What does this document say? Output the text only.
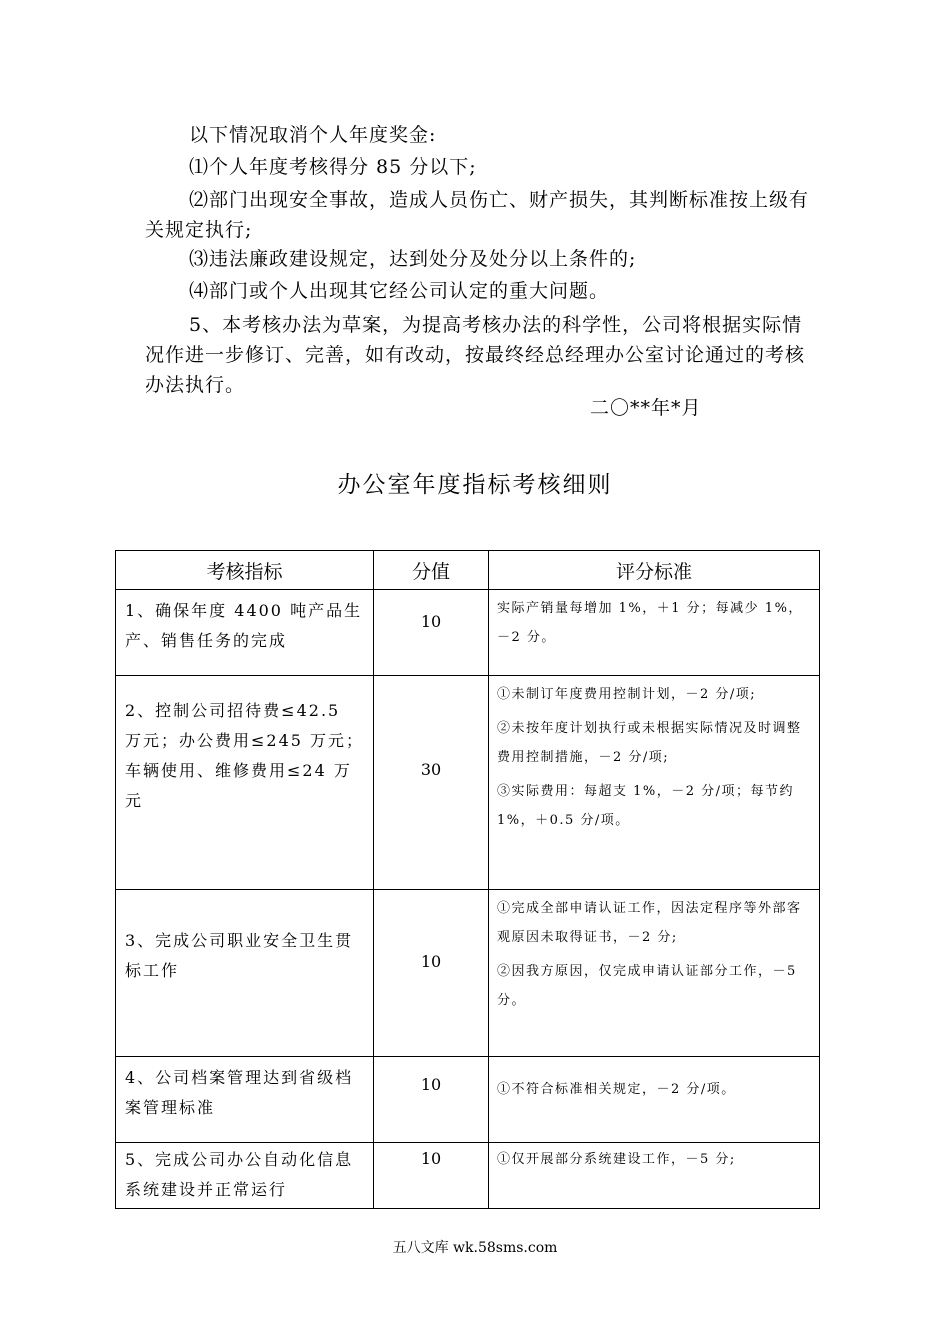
以下情况取消个人年度奖金:
⑴个人年度考核得分 85 分以下;
⑵部门出现安全事故，造成人员伤亡、财产损失，其判断标准按上级有关规定执行;
⑶违法廉政建设规定，达到处分及处分以上条件的;
⑷部门或个人出现其它经公司认定的重大问题。
5、本考核办法为草案，为提高考核办法的科学性，公司将根据实际情况作进一步修订、完善，如有改动，按最终经总经理办公室讨论通过的考核办法执行。
二〇**年*月
办公室年度指标考核细则
考核指标	分值	评分标准
1、确保年度 4400 吨产品生产、销售任务的完成	10	实际产销量每增加 1%，＋1 分；每减少 1%，－2 分。

2、控制公司招待费≤42.5 万元；办公费用≤245 万元；车辆使用、维修费用≤24 万元	30	①未制订年度费用控制计划，－2 分/项;

②未按年度计划执行或未根据实际情况及时调整费用控制措施，－2 分/项;

③实际费用：每超支 1%，－2 分/项；每节约 1%，＋0.5 分/项。

3、完成公司职业安全卫生贯标工作	10	①完成全部申请认证工作，因法定程序等外部客观原因未取得证书，－2 分;

②因我方原因，仅完成申请认证部分工作，－5 分。

4、公司档案管理达到省级档案管理标准	10	①不符合标准相关规定，－2 分/项。

5、完成公司办公自动化信息系统建设并正常运行	10	①仅开展部分系统建设工作，－5 分;

五八文库 wk.58sms.com
